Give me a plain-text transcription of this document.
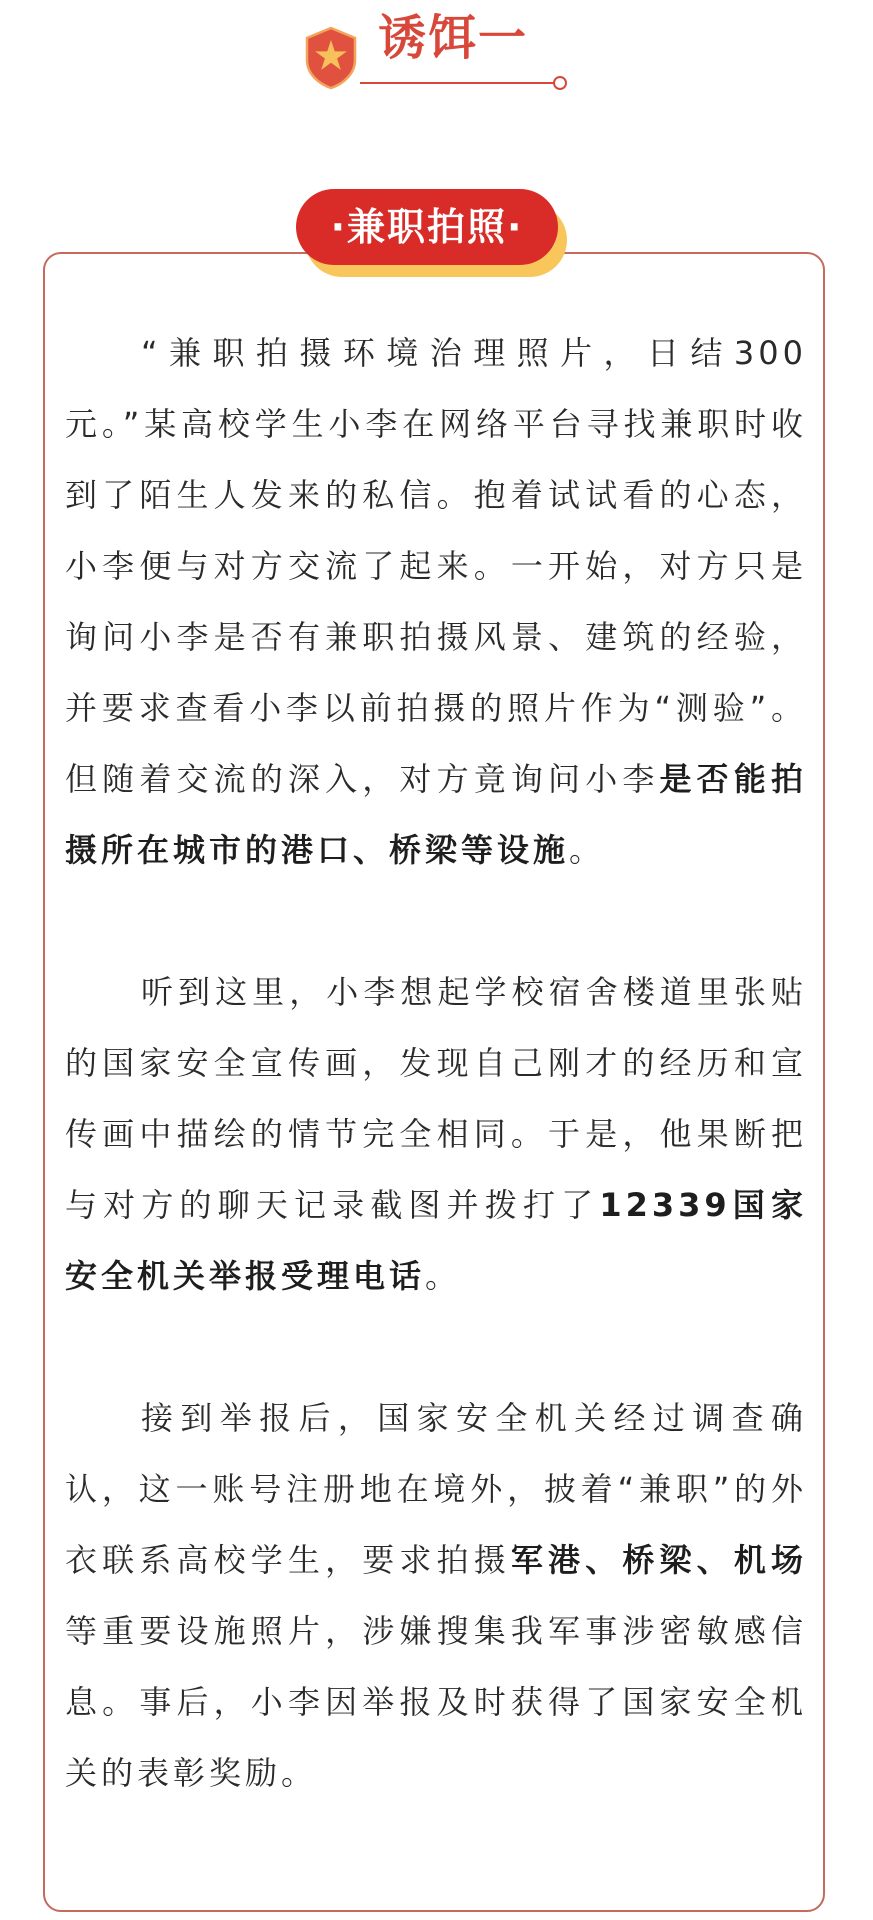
诱饵一
·兼职拍照·

“兼职拍摄环境治理照片，日结300元。”某高校学生小李在网络平台寻找兼职时收到了陌生人发来的私信。抱着试试看的心态，小李便与对方交流了起来。一开始，对方只是询问小李是否有兼职拍摄风景、建筑的经验，并要求查看小李以前拍摄的照片作为“测验”。但随着交流的深入，对方竟询问小李是否能拍摄所在城市的港口、桥梁等设施。

听到这里，小李想起学校宿舍楼道里张贴的国家安全宣传画，发现自己刚才的经历和宣传画中描绘的情节完全相同。于是，他果断把与对方的聊天记录截图并拨打了12339国家安全机关举报受理电话。

接到举报后，国家安全机关经过调查确认，这一账号注册地在境外，披着“兼职”的外衣联系高校学生，要求拍摄军港、桥梁、机场等重要设施照片，涉嫌搜集我军事涉密敏感信息。事后，小李因举报及时获得了国家安全机关的表彰奖励。
